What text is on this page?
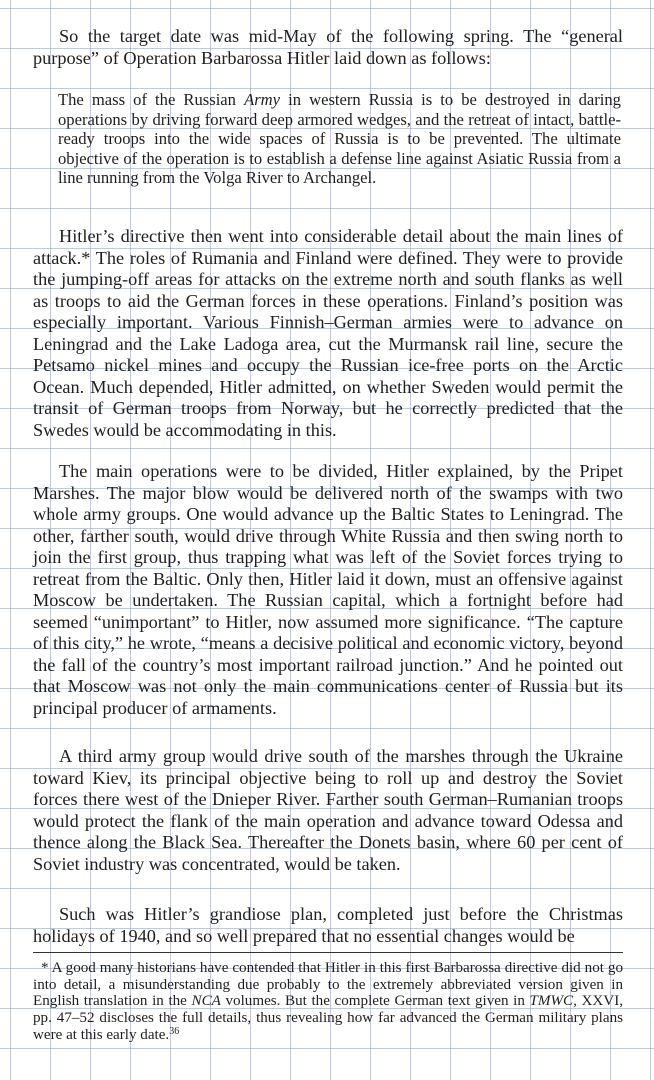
So the target date was mid-May of the following spring. The “general purpose” of Operation Barbarossa Hitler laid down as follows:

The mass of the Russian Army in western Russia is to be destroyed in daring operations by driving forward deep armored wedges, and the retreat of intact, battle-ready troops into the wide spaces of Russia is to be prevented. The ultimate objective of the operation is to establish a defense line against Asiatic Russia from a line running from the Volga River to Archangel.

Hitler’s directive then went into considerable detail about the main lines of attack.* The roles of Rumania and Finland were defined. They were to provide the jumping-off areas for attacks on the extreme north and south flanks as well as troops to aid the German forces in these operations. Finland’s position was especially important. Various Finnish–German armies were to advance on Leningrad and the Lake Ladoga area, cut the Murmansk rail line, secure the Petsamo nickel mines and occupy the Russian ice-free ports on the Arctic Ocean. Much depended, Hitler admitted, on whether Sweden would permit the transit of German troops from Norway, but he correctly predicted that the Swedes would be accommodating in this.

The main operations were to be divided, Hitler explained, by the Pripet Marshes. The major blow would be delivered north of the swamps with two whole army groups. One would advance up the Baltic States to Leningrad. The other, farther south, would drive through White Russia and then swing north to join the first group, thus trapping what was left of the Soviet forces trying to retreat from the Baltic. Only then, Hitler laid it down, must an offensive against Moscow be undertaken. The Russian capital, which a fortnight before had seemed “unimportant” to Hitler, now assumed more significance. “The capture of this city,” he wrote, “means a decisive political and economic victory, beyond the fall of the country’s most important railroad junction.” And he pointed out that Moscow was not only the main communications center of Russia but its principal producer of armaments.

A third army group would drive south of the marshes through the Ukraine toward Kiev, its principal objective being to roll up and destroy the Soviet forces there west of the Dnieper River. Farther south German–Rumanian troops would protect the flank of the main operation and advance toward Odessa and thence along the Black Sea. Thereafter the Donets basin, where 60 per cent of Soviet industry was concentrated, would be taken.

Such was Hitler’s grandiose plan, completed just before the Christmas holidays of 1940, and so well prepared that no essential changes would be

* A good many historians have contended that Hitler in this first Barbarossa directive did not go into detail, a misunderstanding due probably to the extremely abbreviated version given in English translation in the NCA volumes. But the complete German text given in TMWC, XXVI, pp. 47–52 discloses the full details, thus revealing how far advanced the German military plans were at this early date.$^{36}$
